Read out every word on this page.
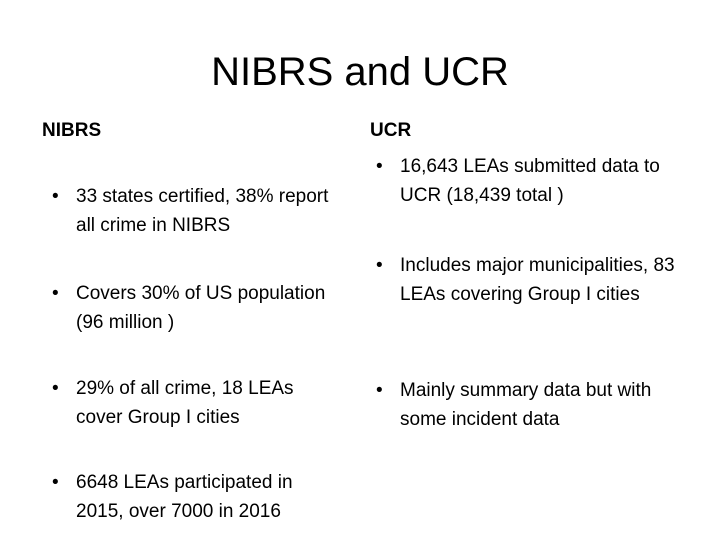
NIBRS and UCR
NIBRS	UCR
• 33 states certified, 38% report all crime in NIBRS
• Covers 30% of US population (96 million )
• 29% of all crime, 18 LEAs cover Group I cities
• 6648 LEAs participated in 2015, over 7000 in 2016
• 16,643 LEAs submitted data to UCR (18,439 total )
• Includes major municipalities, 83 LEAs covering Group I cities
• Mainly summary data but with some incident data
